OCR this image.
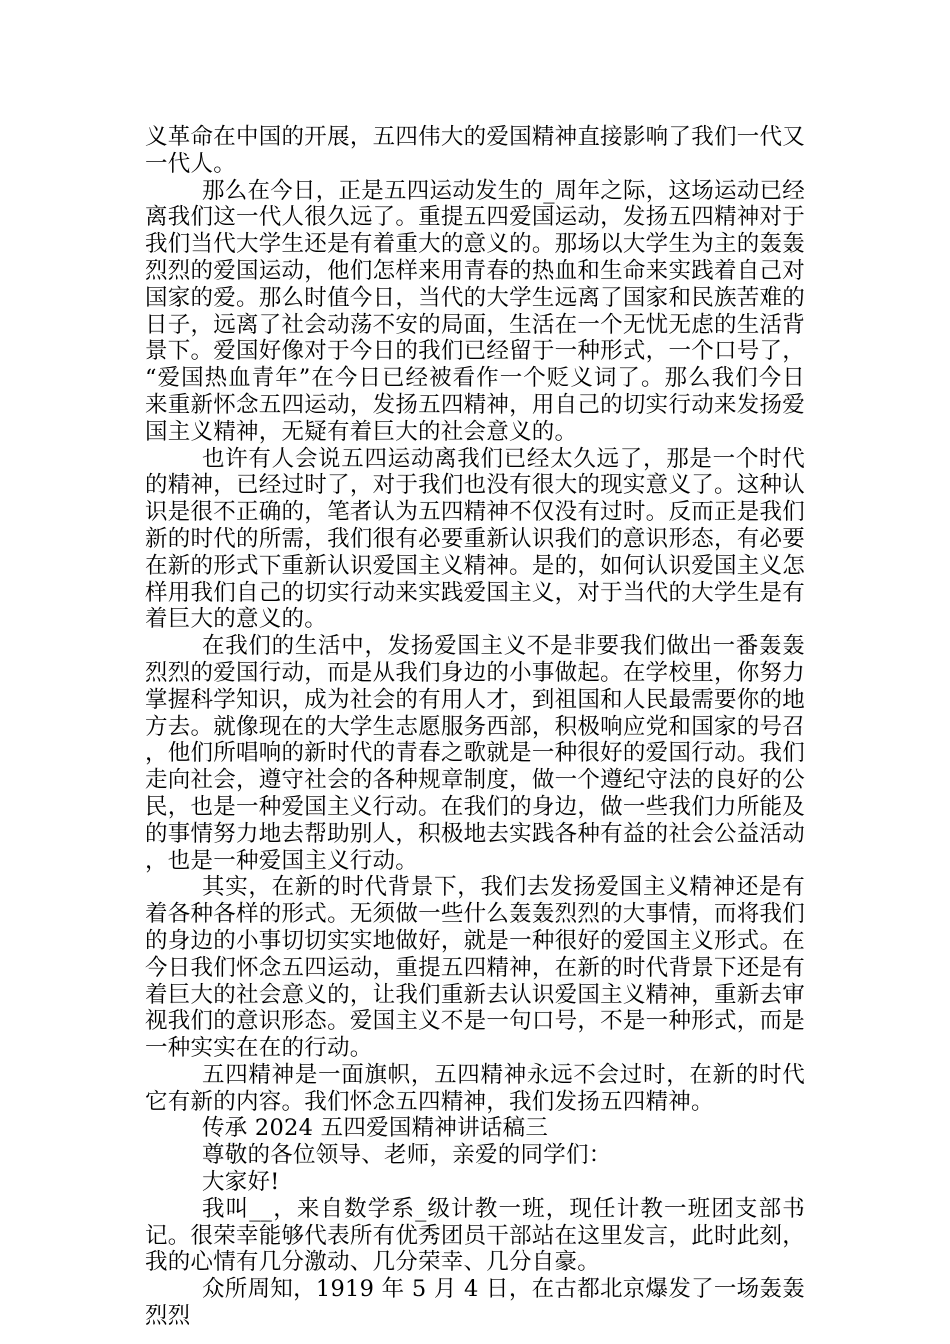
义革命在中国的开展，五四伟大的爱国精神直接影响了我们一代又一代人。

那么在今日，正是五四运动发生的_周年之际，这场运动已经离我们这一代人很久远了。重提五四爱国运动，发扬五四精神对于我们当代大学生还是有着重大的意义的。那场以大学生为主的轰轰烈烈的爱国运动，他们怎样来用青春的热血和生命来实践着自己对国家的爱。那么时值今日，当代的大学生远离了国家和民族苦难的日子，远离了社会动荡不安的局面，生活在一个无忧无虑的生活背景下。爱国好像对于今日的我们已经留于一种形式，一个口号了，“爱国热血青年”在今日已经被看作一个贬义词了。那么我们今日来重新怀念五四运动，发扬五四精神，用自己的切实行动来发扬爱国主义精神，无疑有着巨大的社会意义的。

也许有人会说五四运动离我们已经太久远了，那是一个时代的精神，已经过时了，对于我们也没有很大的现实意义了。这种认识是很不正确的，笔者认为五四精神不仅没有过时。反而正是我们新的时代的所需，我们很有必要重新认识我们的意识形态，有必要在新的形式下重新认识爱国主义精神。是的，如何认识爱国主义怎样用我们自己的切实行动来实践爱国主义，对于当代的大学生是有着巨大的意义的。

在我们的生活中，发扬爱国主义不是非要我们做出一番轰轰烈烈的爱国行动，而是从我们身边的小事做起。在学校里，你努力掌握科学知识，成为社会的有用人才，到祖国和人民最需要你的地方去。就像现在的大学生志愿服务西部，积极响应党和国家的号召，他们所唱响的新时代的青春之歌就是一种很好的爱国行动。我们走向社会，遵守社会的各种规章制度，做一个遵纪守法的良好的公民，也是一种爱国主义行动。在我们的身边，做一些我们力所能及的事情努力地去帮助别人，积极地去实践各种有益的社会公益活动，也是一种爱国主义行动。

其实，在新的时代背景下，我们去发扬爱国主义精神还是有着各种各样的形式。无须做一些什么轰轰烈烈的大事情，而将我们的身边的小事切切实实地做好，就是一种很好的爱国主义形式。在今日我们怀念五四运动，重提五四精神，在新的时代背景下还是有着巨大的社会意义的，让我们重新去认识爱国主义精神，重新去审视我们的意识形态。爱国主义不是一句口号，不是一种形式，而是一种实实在在的行动。

五四精神是一面旗帜，五四精神永远不会过时，在新的时代它有新的内容。我们怀念五四精神，我们发扬五四精神。

传承 2024 五四爱国精神讲话稿三

尊敬的各位领导、老师，亲爱的同学们：

大家好!

我叫__，来自数学系_级计教一班，现任计教一班团支部书记。很荣幸能够代表所有优秀团员干部站在这里发言，此时此刻，我的心情有几分激动、几分荣幸、几分自豪。

众所周知，1919 年 5 月 4 日，在古都北京爆发了一场轰轰烈烈
